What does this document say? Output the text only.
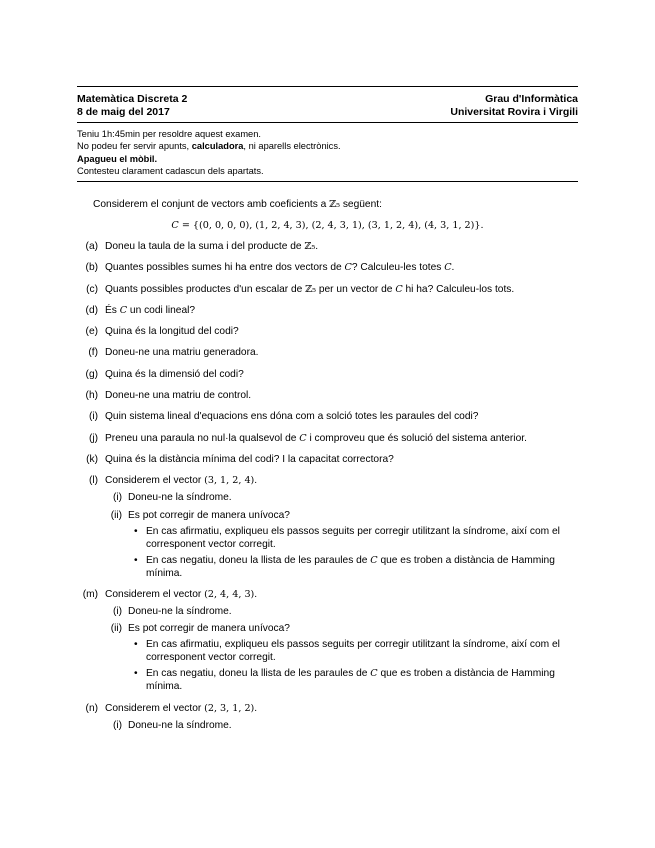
Matemàtica Discreta 2
8 de maig del 2017
Grau d'Informàtica
Universitat Rovira i Virgili
Teniu 1h:45min per resoldre aquest examen.
No podeu fer servir apunts, calculadora, ni aparells electrònics.
Apagueu el mòbil.
Contesteu clarament cadascun dels apartats.
Considerem el conjunt de vectors amb coeficients a ℤ₅ següent:
C = {(0, 0, 0, 0), (1, 2, 4, 3), (2, 4, 3, 1), (3, 1, 2, 4), (4, 3, 1, 2)}.
(a) Doneu la taula de la suma i del producte de ℤ₅.
(b) Quantes possibles sumes hi ha entre dos vectors de C? Calculeu-les totes C.
(c) Quants possibles productes d'un escalar de ℤ₅ per un vector de C hi ha? Calculeu-los tots.
(d) És C un codi lineal?
(e) Quina és la longitud del codi?
(f) Doneu-ne una matriu generadora.
(g) Quina és la dimensió del codi?
(h) Doneu-ne una matriu de control.
(i) Quin sistema lineal d'equacions ens dóna com a solció totes les paraules del codi?
(j) Preneu una paraula no nul·la qualsevol de C i comproveu que és solució del sistema anterior.
(k) Quina és la distància mínima del codi? I la capacitat correctora?
(l) Considerem el vector (3, 1, 2, 4).
(i) Doneu-ne la síndrome.
(ii) Es pot corregir de manera unívoca?
• En cas afirmatiu, expliqueu els passos seguits per corregir utilitzant la síndrome, així com el corresponent vector corregit.
• En cas negatiu, doneu la llista de les paraules de C que es troben a distància de Hamming mínima.
(m) Considerem el vector (2, 4, 4, 3).
(i) Doneu-ne la síndrome.
(ii) Es pot corregir de manera unívoca?
• En cas afirmatiu, expliqueu els passos seguits per corregir utilitzant la síndrome, així com el corresponent vector corregit.
• En cas negatiu, doneu la llista de les paraules de C que es troben a distància de Hamming mínima.
(n) Considerem el vector (2, 3, 1, 2).
(i) Doneu-ne la síndrome.
